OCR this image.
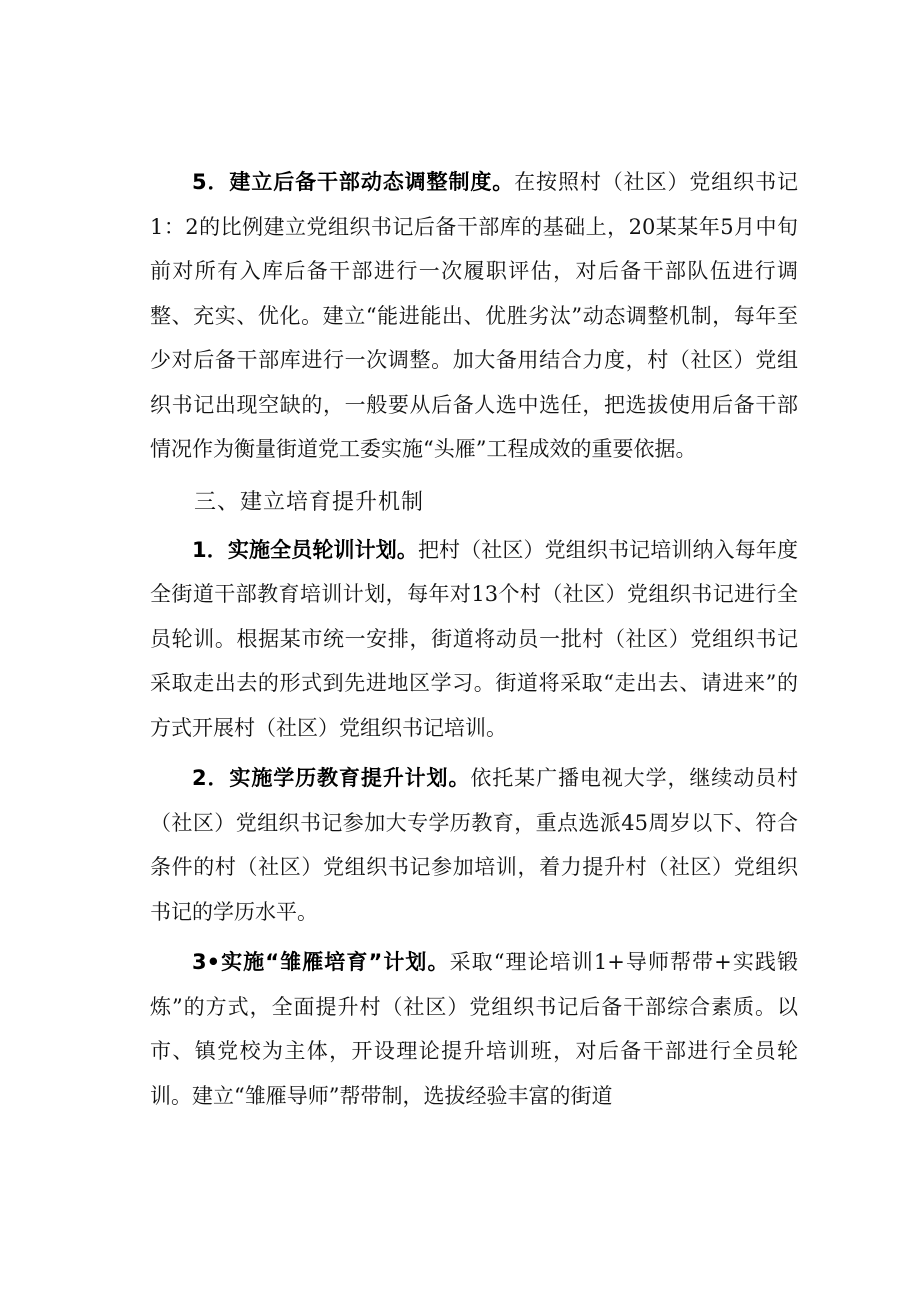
5．建立后备干部动态调整制度。在按照村（社区）党组织书记1：2的比例建立党组织书记后备干部库的基础上，20某某年5月中旬前对所有入库后备干部进行一次履职评估，对后备干部队伍进行调整、充实、优化。建立“能进能出、优胜劣汰”动态调整机制，每年至少对后备干部库进行一次调整。加大备用结合力度，村（社区）党组织书记出现空缺的，一般要从后备人选中选任，把选拔使用后备干部情况作为衡量街道党工委实施“头雁”工程成效的重要依据。

三、建立培育提升机制

1．实施全员轮训计划。把村（社区）党组织书记培训纳入每年度全街道干部教育培训计划，每年对13个村（社区）党组织书记进行全员轮训。根据某市统一安排，街道将动员一批村（社区）党组织书记采取走出去的形式到先进地区学习。街道将采取“走出去、请进来”的方式开展村（社区）党组织书记培训。

2．实施学历教育提升计划。依托某广播电视大学，继续动员村（社区）党组织书记参加大专学历教育，重点选派45周岁以下、符合条件的村（社区）党组织书记参加培训，着力提升村（社区）党组织书记的学历水平。

3•实施“雏雁培育”计划。采取“理论培训1+导师帮带+实践锻炼”的方式，全面提升村（社区）党组织书记后备干部综合素质。以市、镇党校为主体，开设理论提升培训班，对后备干部进行全员轮训。建立“雏雁导师”帮带制，选拔经验丰富的街道
